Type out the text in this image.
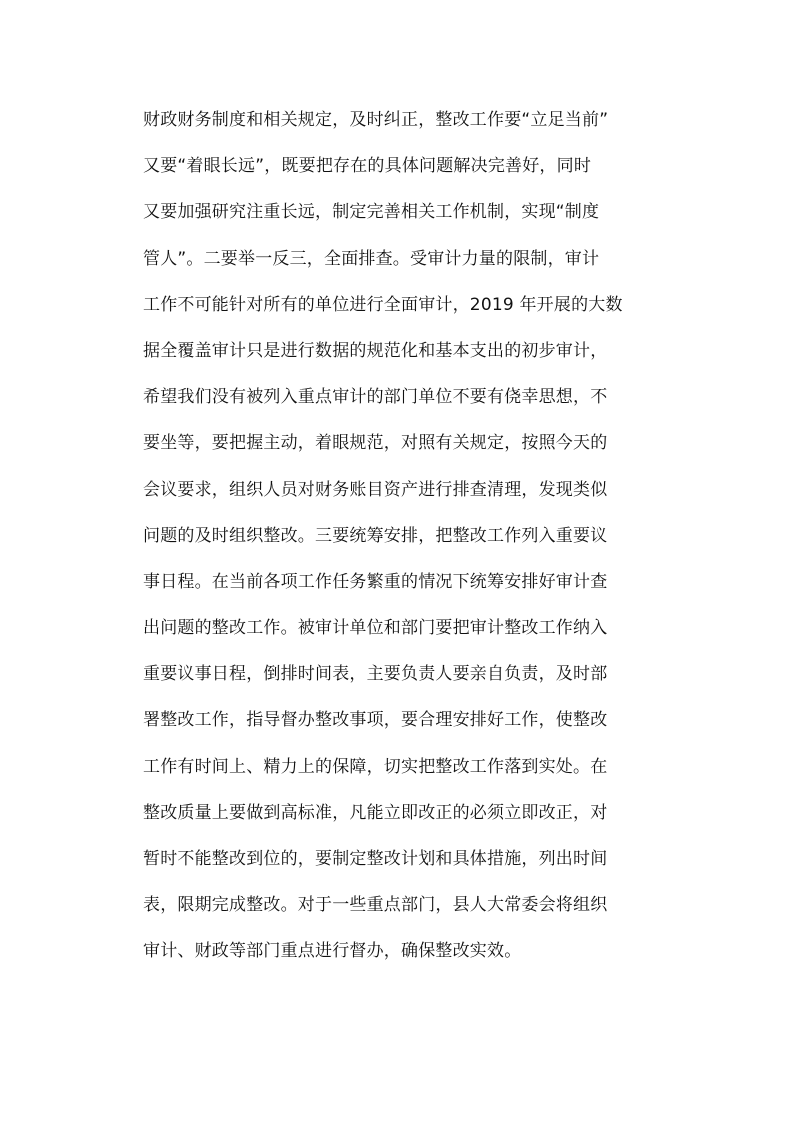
财政财务制度和相关规定，及时纠正，整改工作要“立足当前”
又要“着眼长远”，既要把存在的具体问题解决完善好，同时
又要加强研究注重长远，制定完善相关工作机制，实现“制度
管人”。二要举一反三，全面排查。受审计力量的限制，审计
工作不可能针对所有的单位进行全面审计，2019 年开展的大数
据全覆盖审计只是进行数据的规范化和基本支出的初步审计，
希望我们没有被列入重点审计的部门单位不要有侥幸思想，不
要坐等，要把握主动，着眼规范，对照有关规定，按照今天的
会议要求，组织人员对财务账目资产进行排查清理，发现类似
问题的及时组织整改。三要统筹安排，把整改工作列入重要议
事日程。在当前各项工作任务繁重的情况下统筹安排好审计查
出问题的整改工作。被审计单位和部门要把审计整改工作纳入
重要议事日程，倒排时间表，主要负责人要亲自负责，及时部
署整改工作，指导督办整改事项，要合理安排好工作，使整改
工作有时间上、精力上的保障，切实把整改工作落到实处。在
整改质量上要做到高标准，凡能立即改正的必须立即改正，对
暂时不能整改到位的，要制定整改计划和具体措施，列出时间
表，限期完成整改。对于一些重点部门，县人大常委会将组织
审计、财政等部门重点进行督办，确保整改实效。
